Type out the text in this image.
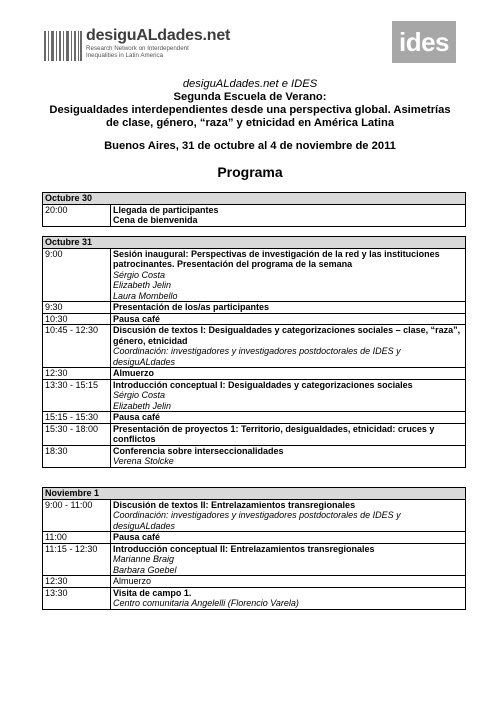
desiguALdades.net
Research Network on Interdependent
Inequalities in Latin America	ides
desiguALdades.net e IDES
Segunda Escuela de Verano:
Desigualdades interdependientes desde una perspectiva global. Asimetrías
de clase, género, “raza” y etnicidad en América Latina
Buenos Aires, 31 de octubre al 4 de noviembre de 2011
Programa
Octubre 30
20:00	Llegada de participantes
Cena de bienvenida
Octubre 31	
9:00	Sesión inaugural: Perspectivas de investigación de la red y las instituciones patrocinantes. Presentación del programa de la semana
Sérgio Costa
Elizabeth Jelin
Laura Mombello

9:30	Presentación de los/as participantes

10:30	Pausa café

10:45 - 12:30	Discusión de textos I: Desigualdades y categorizaciones sociales – clase, “raza”, género, etnicidad
Coordinación: investigadores y investigadores postdoctorales de IDES y desiguALdades

12:30	Almuerzo

13:30 - 15:15	Introducción conceptual I: Desigualdades y categorizaciones sociales
Sérgio Costa
Elizabeth Jelin

15:15 - 15:30	Pausa café

15:30 - 18:00	Presentación de proyectos 1: Territorio, desigualdades, etnicidad: cruces y conflictos

18:30	Conferencia sobre interseccionalidades
Verena Stolcke
Noviembre 1	
9:00 - 11:00	Discusión de textos II: Entrelazamientos transregionales
Coordinación: investigadores y investigadores postdoctorales de IDES y desiguALdades

11:00	Pausa café

11:15 - 12:30	Introducción conceptual II: Entrelazamientos transregionales
Marianne Braig
Barbara Goebel

12:30	Almuerzo

13:30	Visita de campo 1.
Centro comunitaria Angelelli (Florencio Varela)
